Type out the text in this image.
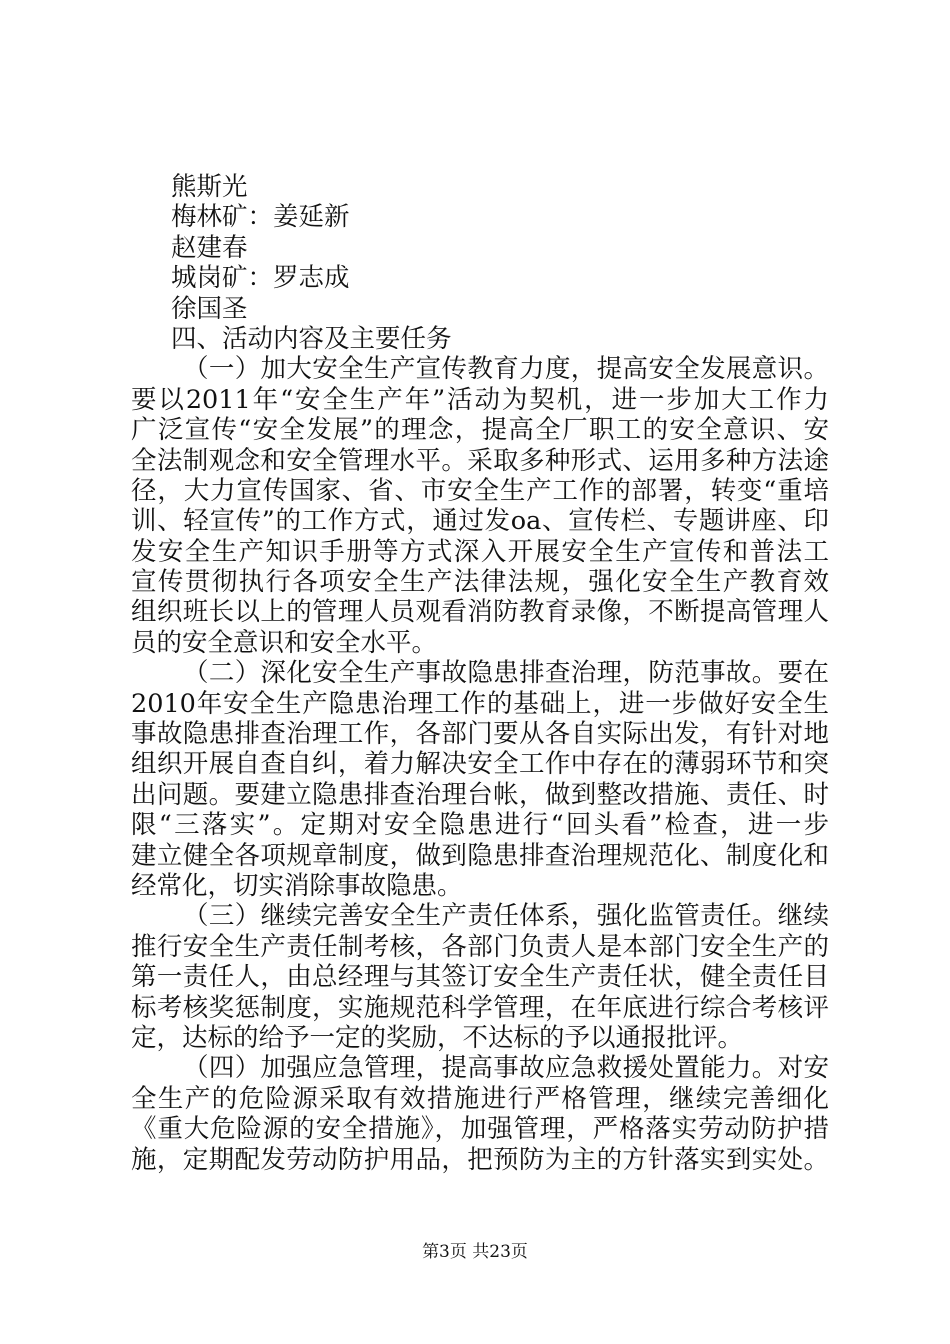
熊斯光
梅林矿：姜延新
赵建春
城岗矿：罗志成
徐国圣
四、活动内容及主要任务
（一）加大安全生产宣传教育力度，提高安全发展意识。
要以2011年“安全生产年”活动为契机，进一步加大工作力
广泛宣传“安全发展”的理念，提高全厂职工的安全意识、安
全法制观念和安全管理水平。采取多种形式、运用多种方法途
径，大力宣传国家、省、市安全生产工作的部署，转变“重培
训、轻宣传”的工作方式，通过发oa、宣传栏、专题讲座、印
发安全生产知识手册等方式深入开展安全生产宣传和普法工
宣传贯彻执行各项安全生产法律法规，强化安全生产教育效
组织班长以上的管理人员观看消防教育录像，不断提高管理人
员的安全意识和安全水平。
（二）深化安全生产事故隐患排查治理，防范事故。要在
2010年安全生产隐患治理工作的基础上，进一步做好安全生
事故隐患排查治理工作，各部门要从各自实际出发，有针对地
组织开展自查自纠，着力解决安全工作中存在的薄弱环节和突
出问题。要建立隐患排查治理台帐，做到整改措施、责任、时
限“三落实”。定期对安全隐患进行“回头看”检查，进一步
建立健全各项规章制度，做到隐患排查治理规范化、制度化和
经常化，切实消除事故隐患。
（三）继续完善安全生产责任体系，强化监管责任。继续
推行安全生产责任制考核，各部门负责人是本部门安全生产的
第一责任人，由总经理与其签订安全生产责任状，健全责任目
标考核奖惩制度，实施规范科学管理，在年底进行综合考核评
定，达标的给予一定的奖励，不达标的予以通报批评。
（四）加强应急管理，提高事故应急救援处置能力。对安
全生产的危险源采取有效措施进行严格管理，继续完善细化
《重大危险源的安全措施》，加强管理，严格落实劳动防护措
施，定期配发劳动防护用品，把预防为主的方针落实到实处。
第3页 共23页
